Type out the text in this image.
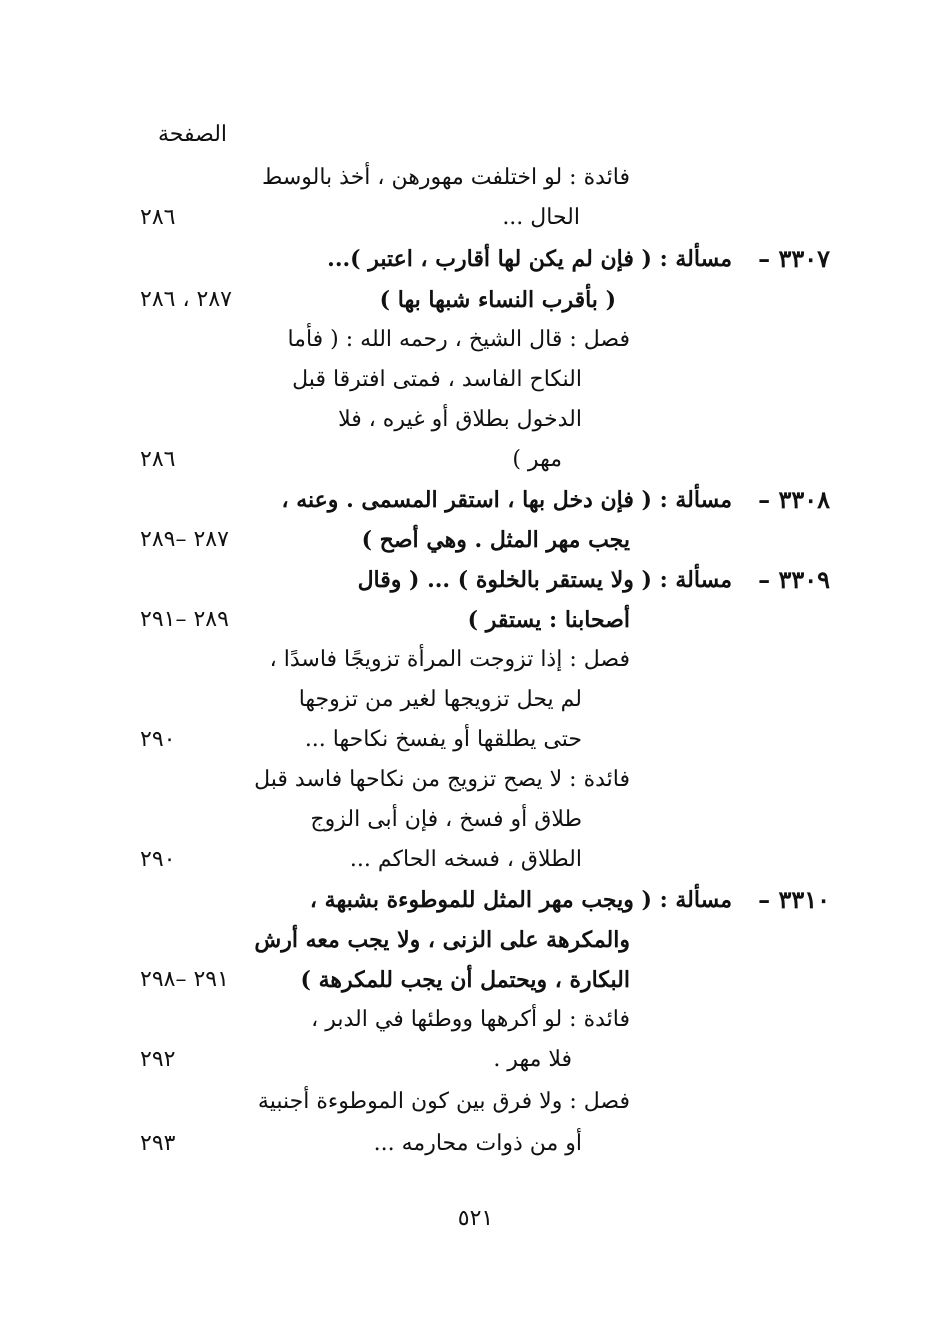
الصفحة
فائدة : لو اختلفت مهورهن ، أخذ بالوسط
الحال ...
٢٨٦
مسألة : ( فإن لم يكن لها أقارب ، اعتبر )... ٣٣٠٧ –
( بأقرب النساء شبها بها )
٢٨٧ ، ٢٨٦
فصل : قال الشيخ ، رحمه الله : ( فأما
النكاح الفاسد ، فمتى افترقا قبل
الدخول بطلاق أو غيره ، فلا
مهر )
٢٨٦
مسألة : ( فإن دخل بها ، استقر المسمى . وعنه ، ٣٣٠٨ –
يجب مهر المثل . وهي أصح )
٢٨٧ –٢٨٩
مسألة : ( ولا يستقر بالخلوة ) ... ( وقال ٣٣٠٩ –
أصحابنا : يستقر )
٢٨٩ –٢٩١
فصل : إذا تزوجت المرأة تزويجًا فاسدًا ،
لم يحل تزويجها لغير من تزوجها
حتى يطلقها أو يفسخ نكاحها ...
٢٩٠
فائدة : لا يصح تزويج من نكاحها فاسد قبل
طلاق أو فسخ ، فإن أبى الزوج
الطلاق ، فسخه الحاكم ...
٢٩٠
مسألة : ( ويجب مهر المثل للموطوءة بشبهة ، ٣٣١٠ –
والمكرهة على الزنى ، ولا يجب معه أرش
البكارة ، ويحتمل أن يجب للمكرهة )
٢٩١ –٢٩٨
فائدة : لو أكرهها ووطئها في الدبر ،
فلا مهر .
٢٩٢
فصل : ولا فرق بين كون الموطوءة أجنبية
أو من ذوات محارمه ...
٢٩٣
٥٢١
